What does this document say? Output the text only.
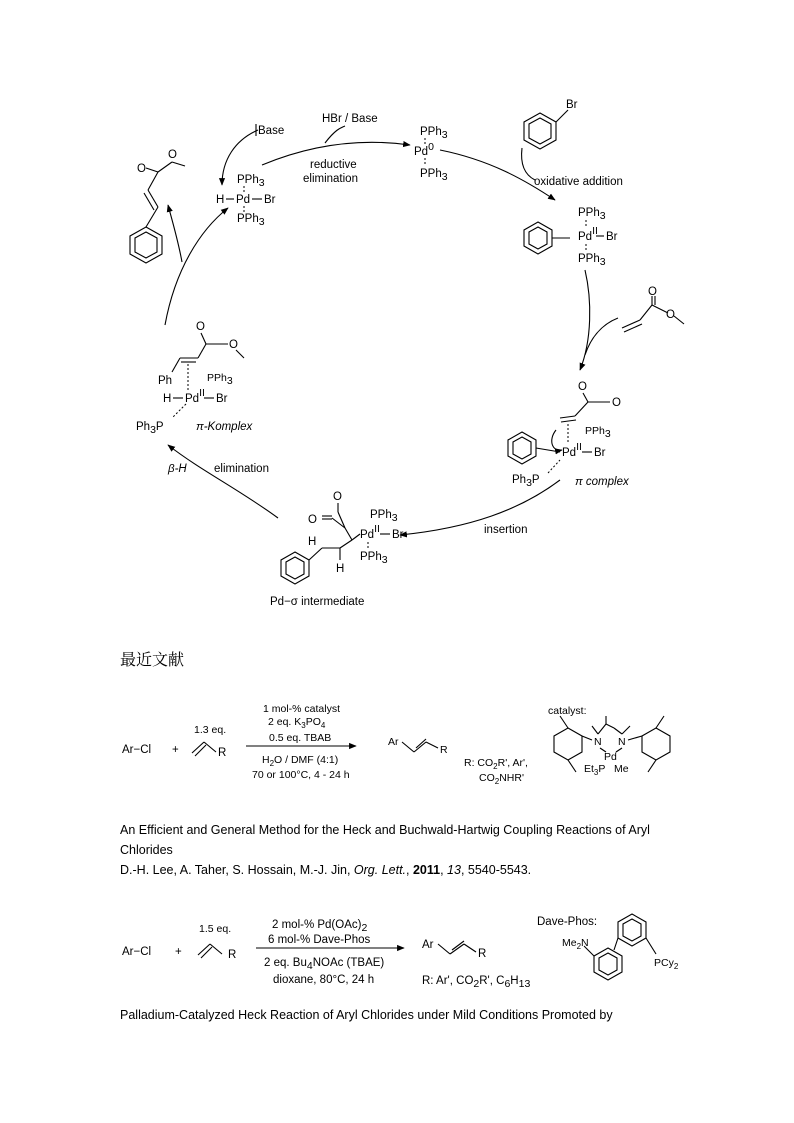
Base
HBr / Base
reductive
elimination
PPh3
Pd0
PPh3
PPh3
H Pd Br
PPh3
O
O
Br
oxidative addition
PPh3
PdII Br
PPh3
O
O
O
O
PPh3
PdII Br
Ph3P	π complex
insertion
O
O
H
H
PPh3
PdII Br
PPh3
Pd−σ intermediate
β-H elimination
O
O
Ph	PPh3
H PdII Br
Ph3P	π-Komplex
最近文献
Ar−Cl +
1.3 eq.
R
1 mol-% catalyst
2 eq. $K_3PO_4$
0.5 eq. TBAB
$H_2O$ / DMF (4:1)
70 or 100°C, 4 - 24 h
Ar
R
R: $CO_2R'$, Ar',
$CO_2NHR'$
catalyst:
N N
Pd
$Et_3P$ Me
An Efficient and General Method for the Heck and Buchwald-Hartwig Coupling Reactions of Aryl Chlorides
D.-H. Lee, A. Taher, S. Hossain, M.-J. Jin, Org. Lett., 2011, 13, 5540-5543.
Ar−Cl +
1.5 eq.
R
2 mol-% Pd(OAc)2
6 mol-% Dave-Phos
2 eq. Bu4NOAc (TBAE)
dioxane, 80°C, 24 h
Ar
R
R: Ar', CO2R', C6H13
Dave-Phos:
$Me_2N$
PCy$_2$
Palladium-Catalyzed Heck Reaction of Aryl Chlorides under Mild Conditions Promoted by
